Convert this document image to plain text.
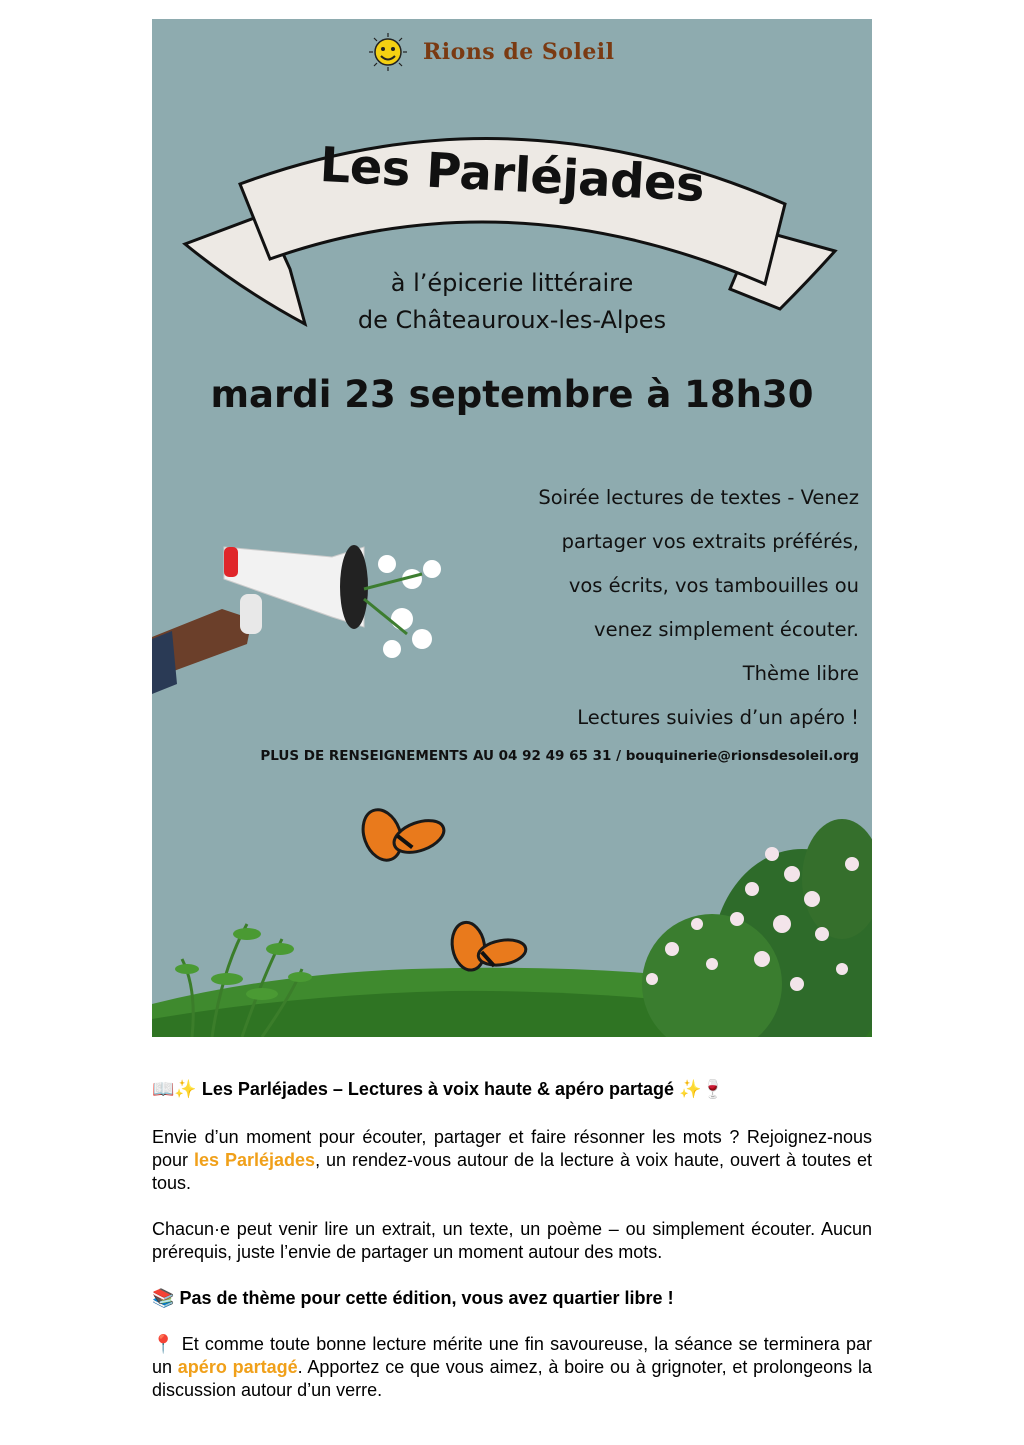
Rions de Soleil
Les Parléjades
à l’épicerie littéraire
de Châteauroux-les-Alpes
mardi 23 septembre à 18h30
Soirée lectures de textes - Venez
partager vos extraits préférés,
vos écrits, vos tambouilles ou
venez simplement écouter.
Thème libre
Lectures suivies d’un apéro !
PLUS DE RENSEIGNEMENTS AU 04 92 49 65 31 / bouquinerie@rionsdesoleil.org

📖✨ Les Parléjades – Lectures à voix haute & apéro partagé ✨🍷

Envie d’un moment pour écouter, partager et faire résonner les mots ? Rejoignez-nous pour les Parléjades, un rendez-vous autour de la lecture à voix haute, ouvert à toutes et tous.

Chacun·e peut venir lire un extrait, un texte, un poème – ou simplement écouter. Aucun prérequis, juste l’envie de partager un moment autour des mots.

📚 Pas de thème pour cette édition, vous avez quartier libre !

📍 Et comme toute bonne lecture mérite une fin savoureuse, la séance se terminera par un apéro partagé. Apportez ce que vous aimez, à boire ou à grignoter, et prolongeons la discussion autour d’un verre.
